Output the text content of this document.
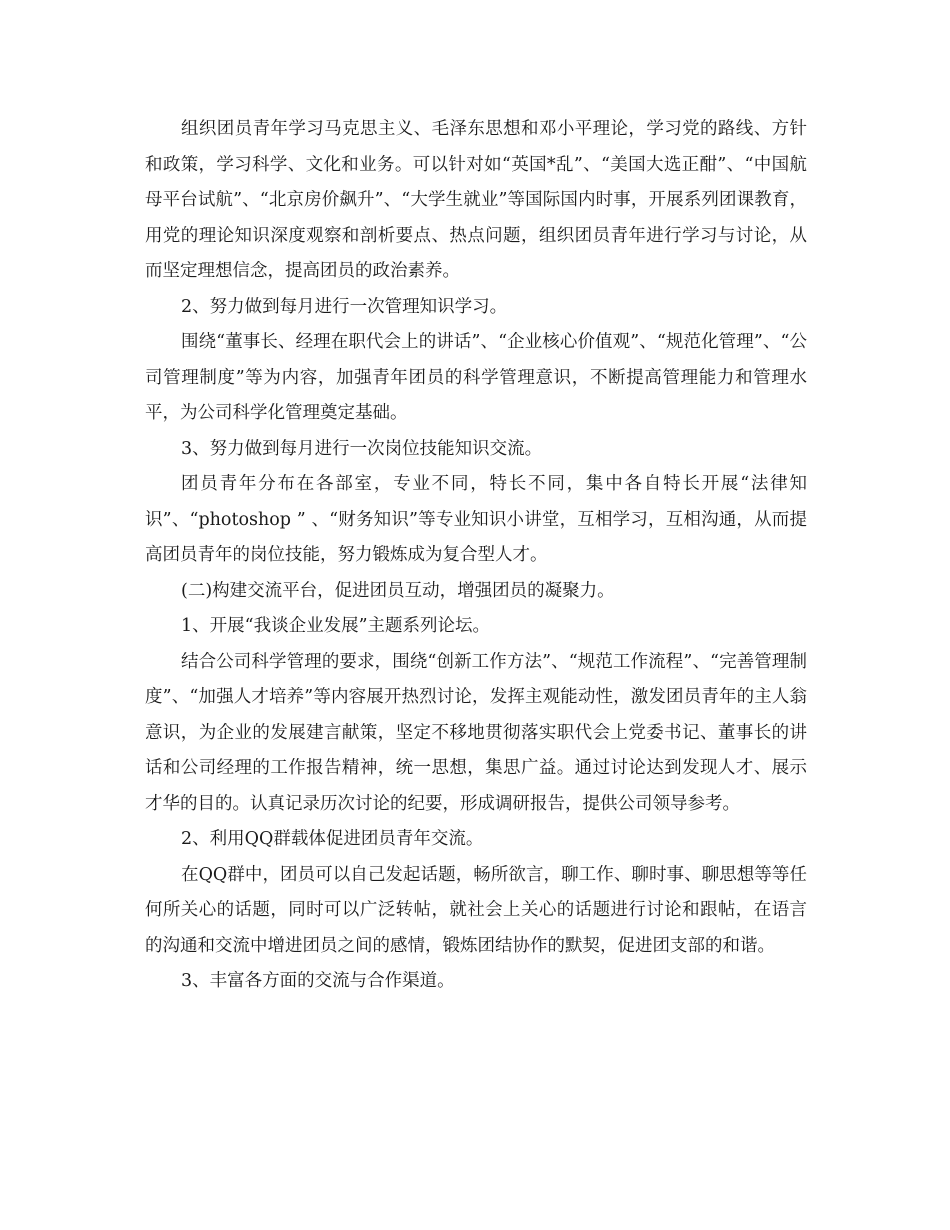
组织团员青年学习马克思主义、毛泽东思想和邓小平理论，学习党的路线、方针和政策，学习科学、文化和业务。可以针对如“英国*乱”、“美国大选正酣”、“中国航母平台试航”、“北京房价飙升”、“大学生就业”等国际国内时事，开展系列团课教育，用党的理论知识深度观察和剖析要点、热点问题，组织团员青年进行学习与讨论，从而坚定理想信念，提高团员的政治素养。

2、努力做到每月进行一次管理知识学习。

围绕“董事长、经理在职代会上的讲话”、“企业核心价值观”、“规范化管理”、“公司管理制度”等为内容，加强青年团员的科学管理意识，不断提高管理能力和管理水平，为公司科学化管理奠定基础。

3、努力做到每月进行一次岗位技能知识交流。

团员青年分布在各部室，专业不同，特长不同，集中各自特长开展“法律知识”、“photoshop ” 、“财务知识”等专业知识小讲堂，互相学习，互相沟通，从而提高团员青年的岗位技能，努力锻炼成为复合型人才。

(二)构建交流平台，促进团员互动，增强团员的凝聚力。

1、开展“我谈企业发展”主题系列论坛。

结合公司科学管理的要求，围绕“创新工作方法”、“规范工作流程”、“完善管理制度”、“加强人才培养”等内容展开热烈讨论，发挥主观能动性，激发团员青年的主人翁意识，为企业的发展建言献策，坚定不移地贯彻落实职代会上党委书记、董事长的讲话和公司经理的工作报告精神，统一思想，集思广益。通过讨论达到发现人才、展示才华的目的。认真记录历次讨论的纪要，形成调研报告，提供公司领导参考。

2、利用QQ群载体促进团员青年交流。

在QQ群中，团员可以自己发起话题，畅所欲言，聊工作、聊时事、聊思想等等任何所关心的话题，同时可以广泛转帖，就社会上关心的话题进行讨论和跟帖，在语言的沟通和交流中增进团员之间的感情，锻炼团结协作的默契，促进团支部的和谐。

3、丰富各方面的交流与合作渠道。
